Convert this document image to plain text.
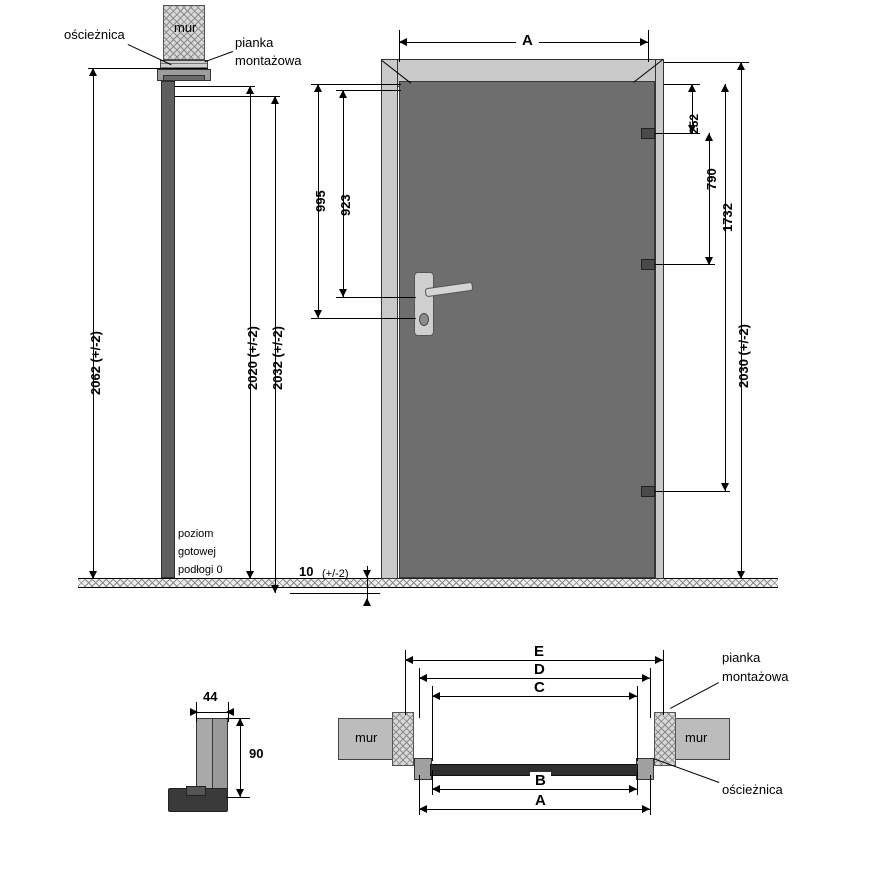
2062 (+/-2)	2020 (+/-2) 2032 (+/-2)
10 (+/-2)
ościeżnica	mur
pianka
montażowa
poziom
gotowej
podłogi 0
A
995 923
252
790
1732
2030 (+/-2)
44
90
E
D
C
B
A
mur	mur
pianka
montażowa
ościeżnica
